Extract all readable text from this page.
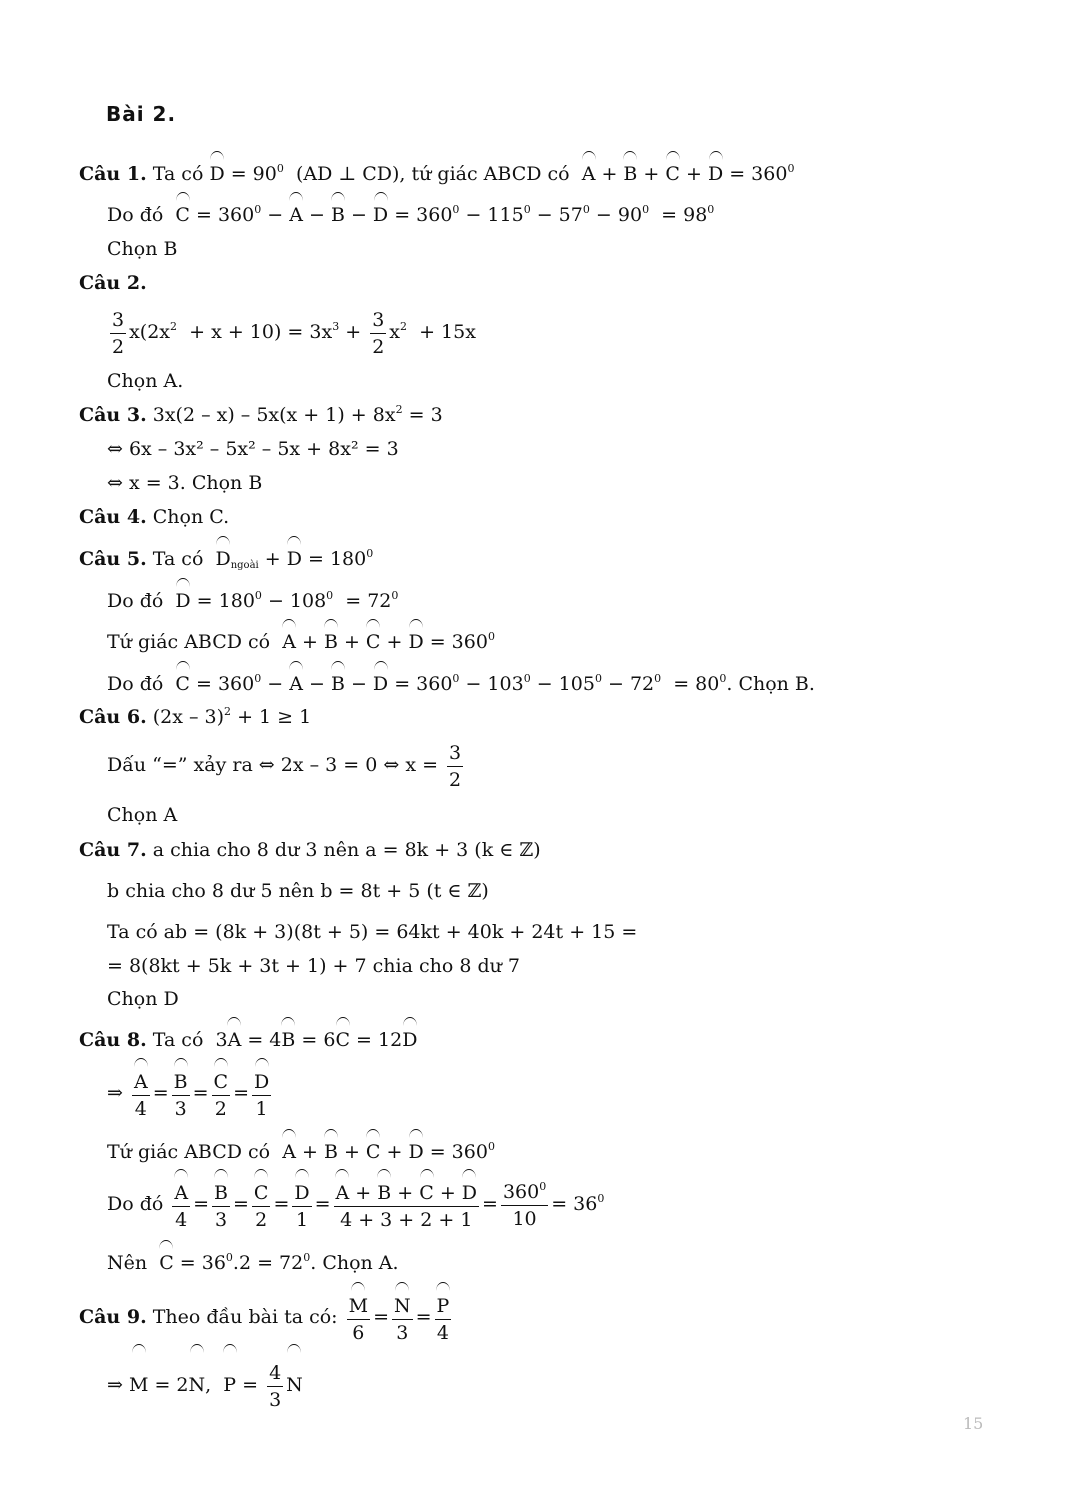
Bài 2.
Câu 1. Ta có $D = 90^0$  (AD ⊥ CD), tứ giác ABCD có  $A + B + C + D = 360^0$
Do đó  $C = 360^0 - A - B - D = 360^0 - 115^0 - 57^0 - 90^0 = 98^0$
Chọn B
Câu 2.
$\frac{3}{2} x(2x^2 + x + 10) = 3x^3 + \frac{3}{2} x^2 + 15x$
Chọn A.
Câu 3. $3x(2 - x) - 5x(x + 1) + 8x^2 = 3$
⇔ 6x – 3x² – 5x² – 5x + 8x² = 3
⇔ x = 3. Chọn B
Câu 4. Chọn C.
Câu 5. Ta có  $D_{ngoài} + D = 180^0$
Do đó  $D = 180^0 - 108^0 = 72^0$
Tứ giác ABCD có  $A + B + C + D = 360^0$
Do đó  $C = 360^0 - A - B - D = 360^0 - 103^0 - 105^0 - 72^0 = 80^0$. Chọn B.
Câu 6. (2x – 3)$^2$ + 1 ≥ 1
Dấu “=” xảy ra ⇔ 2x – 3 = 0 ⇔ $x = \frac{3}{2}$
Chọn A
Câu 7. a chia cho 8 dư 3 nên a = 8k + 3 (k ∈ ℤ)
b chia cho 8 dư 5 nên b = 8t + 5 (t ∈ ℤ)
Ta có ab = (8k + 3)(8t + 5) = 64kt + 40k + 24t + 15 =
= 8(8kt + 5k + 3t + 1) + 7 chia cho 8 dư 7
Chọn D
Câu 8. Ta có  3A = 4B = 6C = 12D
⇒ $\frac{A}{4} = \frac{B}{3} = \frac{C}{2} = \frac{D}{1}$
Tứ giác ABCD có  $A + B + C + D = 360^0$
Do đó $\frac{A}{4} = \frac{B}{3} = \frac{C}{2} = \frac{D}{1} = \frac{A + B + C + D}{4 + 3 + 2 + 1} = \frac{360^0}{10} = 36^0$
Nên  $C = 36^0.2 = 72^0$. Chọn A.
Câu 9. Theo đầu bài ta có: $\frac{M}{6} = \frac{N}{3} = \frac{P}{4}$
⇒ M = 2N,  $P = \frac{4}{3}$ N
15
